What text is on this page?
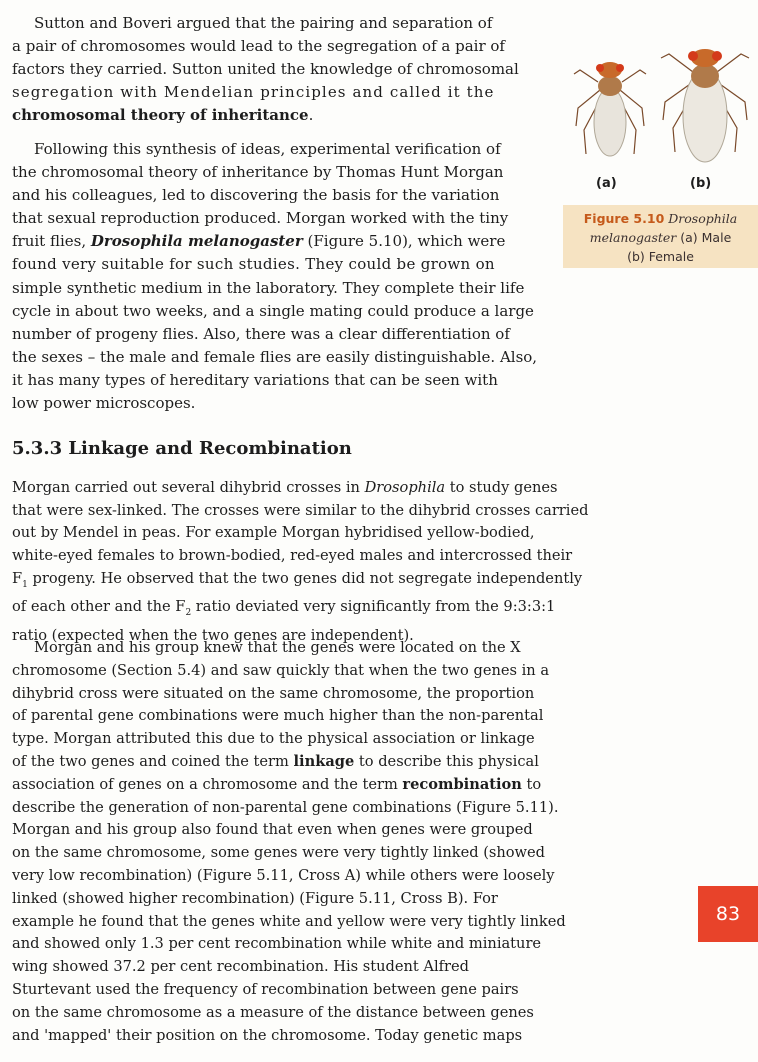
Sutton and Boveri argued that the pairing and separation of
a pair of chromosomes would lead to the segregation of a pair of
factors they carried. Sutton united the knowledge of chromosomal
segregation with Mendelian principles and called it the
chromosomal theory of inheritance.
Following this synthesis of ideas, experimental verification of
the chromosomal theory of inheritance by Thomas Hunt Morgan
and his colleagues, led to discovering the basis for the variation
that sexual reproduction produced. Morgan worked with the tiny
fruit flies, Drosophila melanogaster (Figure 5.10), which were
found very suitable for such studies. They could be grown on
simple synthetic medium in the laboratory. They complete their life
cycle in about two weeks, and a single mating could produce a large
number of progeny flies. Also, there was a clear differentiation of
the sexes – the male and female flies are easily distinguishable. Also,
it has many types of hereditary variations that can be seen with
low power microscopes.
(a)	(b)
Figure 5.10 Drosophila melanogaster (a) Male
(b) Female
5.3.3 Linkage and Recombination
Morgan carried out several dihybrid crosses in Drosophila to study genes
that were sex-linked. The crosses were similar to the dihybrid crosses carried
out by Mendel in peas. For example Morgan hybridised yellow-bodied,
white-eyed females to brown-bodied, red-eyed males and intercrossed their
$F_1$ progeny. He observed that the two genes did not segregate independently
of each other and the $F_2$ ratio deviated very significantly from the 9:3:3:1
ratio (expected when the two genes are independent).
Morgan and his group knew that the genes were located on the X
chromosome (Section 5.4) and saw quickly that when the two genes in a
dihybrid cross were situated on the same chromosome, the proportion
of parental gene combinations were much higher than the non-parental
type. Morgan attributed this due to the physical association or linkage
of the two genes and coined the term linkage to describe this physical
association of genes on a chromosome and the term recombination to
describe the generation of non-parental gene combinations (Figure 5.11).
Morgan and his group also found that even when genes were grouped
on the same chromosome, some genes were very tightly linked (showed
very low recombination) (Figure 5.11, Cross A) while others were loosely
linked (showed higher recombination) (Figure 5.11, Cross B). For
example he found that the genes white and yellow were very tightly linked
and showed only 1.3 per cent recombination while white and miniature
wing showed 37.2 per cent recombination. His student Alfred
Sturtevant used the frequency of recombination between gene pairs
on the same chromosome as a measure of the distance between genes
and 'mapped' their position on the chromosome. Today genetic maps
83
